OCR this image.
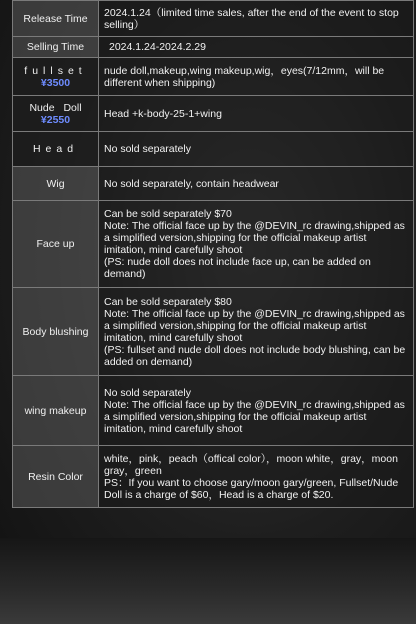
Release Time	2024.1.24（limited time sales, after the end of the event to stop selling）
Selling Time	2024.1.24-2024.2.29

fullset
¥3500	nude doll,makeup,wing makeup,wig，eyes(7/12mm，will be different when shipping)

Nude Doll
¥2550	Head +k-body-25-1+wing
Head	No sold separately
Wig	No sold separately, contain headwear
Face up	Can be sold separately $70
Note: The official face up by the @DEVIN_rc drawing,shipped as a simplified version,shipping for the official makeup artist imitation, mind carefully shoot
(PS: nude doll does not include face up, can be added on demand)

Body blushing	Can be sold separately $80
Note: The official face up by the @DEVIN_rc drawing,shipped as a simplified version,shipping for the official makeup artist imitation, mind carefully shoot
(PS: fullset and nude doll does not include body blushing, can be added on demand)

wing makeup	No sold separately
Note: The official face up by the @DEVIN_rc drawing,shipped as a simplified version,shipping for the official makeup artist imitation, mind carefully shoot

Resin Color	white，pink，peach（offical color），moon white，gray，moon gray，green
PS：If you want to choose gary/moon gary/green, Fullset/Nude Doll is a charge of $60，Head is a charge of $20.
